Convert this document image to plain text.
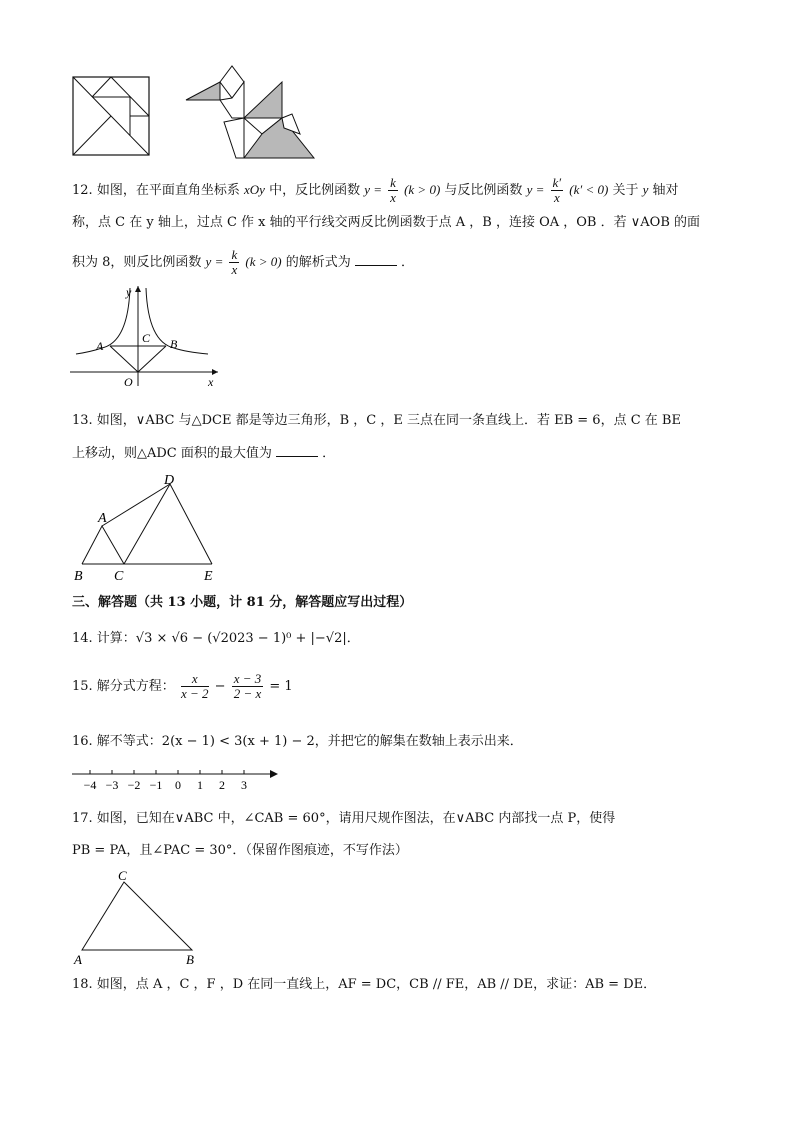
12. 如图，在平面直角坐标系 xOy 中，反比例函数 $y = \frac{k}{x} (k > 0)$ 与反比例函数 $y = \frac{k'}{x} (k' < 0)$ 关于 y 轴对
称，点 C 在 y 轴上，过点 C 作 x 轴的平行线交两反比例函数于点 A ，B ，连接 OA ，OB ．若 ∨AOB 的面
积为 8，则反比例函数 $y = \frac{k}{x} (k > 0)$ 的解析式为	．
y
x
O
A	B
C
13. 如图，∨ABC 与△DCE 都是等边三角形，B ，C ，E 三点在同一条直线上．若 EB = 6，点 C 在 BE
上移动，则△ADC 面积的最大值为	．
A
B C
D
E
三、解答题（共 13 小题，计 81 分，解答题应写出过程）
14. 计算：√3 × √6 − (√2023 − 1)⁰ + |−√2|．
15. 解分式方程： $\frac{x}{x - 2} - \frac{x - 3}{2 - x} = 1$
16. 解不等式：2(x − 1) < 3(x + 1) − 2，并把它的解集在数轴上表示出来．
−4 −3 −2 −1 0 1 2 3
17. 如图，已知在∨ABC 中，∠CAB = 60°，请用尺规作图法，在∨ABC 内部找一点 P，使得
PB = PA，且∠PAC = 30°．（保留作图痕迹，不写作法）
C
A	B
18. 如图，点 A ，C ，F ，D 在同一直线上，AF = DC，CB // FE，AB // DE，求证：AB = DE．
